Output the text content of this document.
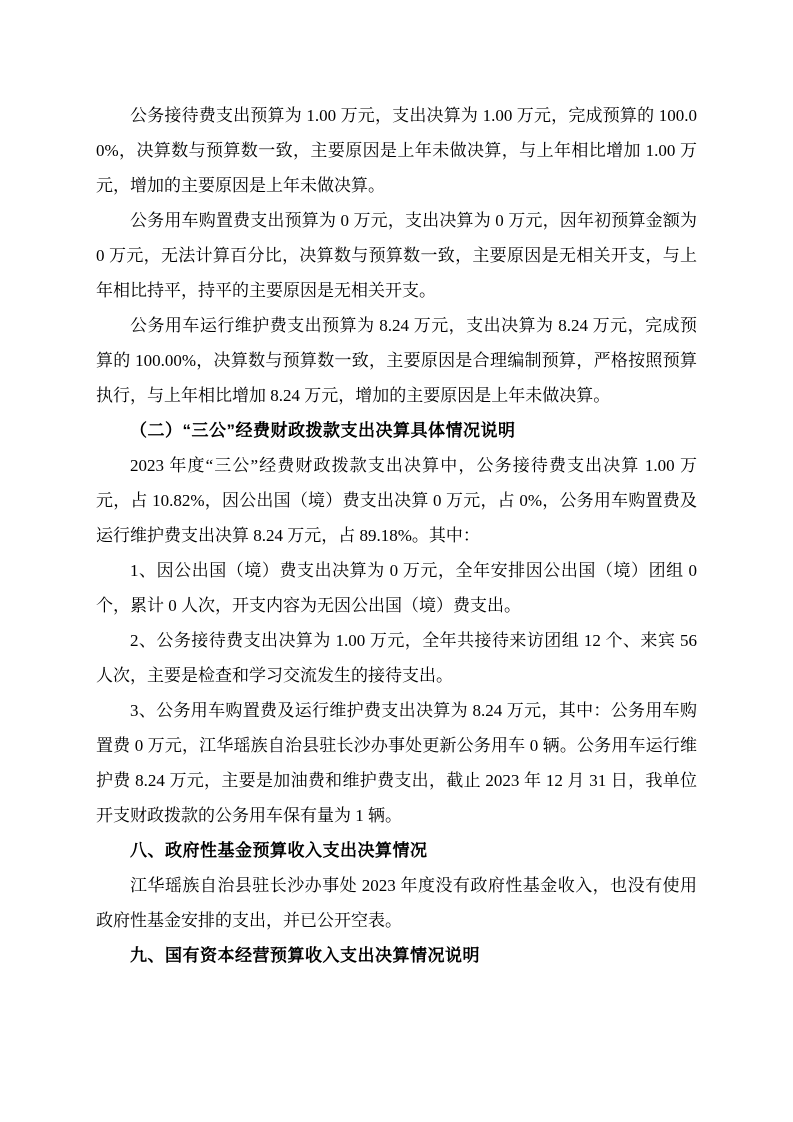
公务接待费支出预算为 1.00 万元，支出决算为 1.00 万元，完成预算的 100.00%，决算数与预算数一致，主要原因是上年未做决算，与上年相比增加 1.00 万元，增加的主要原因是上年未做决算。

公务用车购置费支出预算为 0 万元，支出决算为 0 万元，因年初预算金额为 0 万元，无法计算百分比，决算数与预算数一致，主要原因是无相关开支，与上年相比持平，持平的主要原因是无相关开支。

公务用车运行维护费支出预算为 8.24 万元，支出决算为 8.24 万元，完成预算的 100.00%，决算数与预算数一致，主要原因是合理编制预算，严格按照预算执行，与上年相比增加 8.24 万元，增加的主要原因是上年未做决算。

（二）“三公”经费财政拨款支出决算具体情况说明

2023 年度“三公”经费财政拨款支出决算中，公务接待费支出决算 1.00 万元，占 10.82%，因公出国（境）费支出决算 0 万元，占 0%，公务用车购置费及运行维护费支出决算 8.24 万元，占 89.18%。其中：

1、因公出国（境）费支出决算为 0 万元，全年安排因公出国（境）团组 0 个，累计 0 人次，开支内容为无因公出国（境）费支出。

2、公务接待费支出决算为 1.00 万元，全年共接待来访团组 12 个、来宾 56 人次，主要是检查和学习交流发生的接待支出。

3、公务用车购置费及运行维护费支出决算为 8.24 万元，其中：公务用车购置费 0 万元，江华瑶族自治县驻长沙办事处更新公务用车 0 辆。公务用车运行维护费 8.24 万元，主要是加油费和维护费支出，截止 2023 年 12 月 31 日，我单位开支财政拨款的公务用车保有量为 1 辆。

八、政府性基金预算收入支出决算情况

江华瑶族自治县驻长沙办事处 2023 年度没有政府性基金收入，也没有使用政府性基金安排的支出，并已公开空表。

九、国有资本经营预算收入支出决算情况说明
